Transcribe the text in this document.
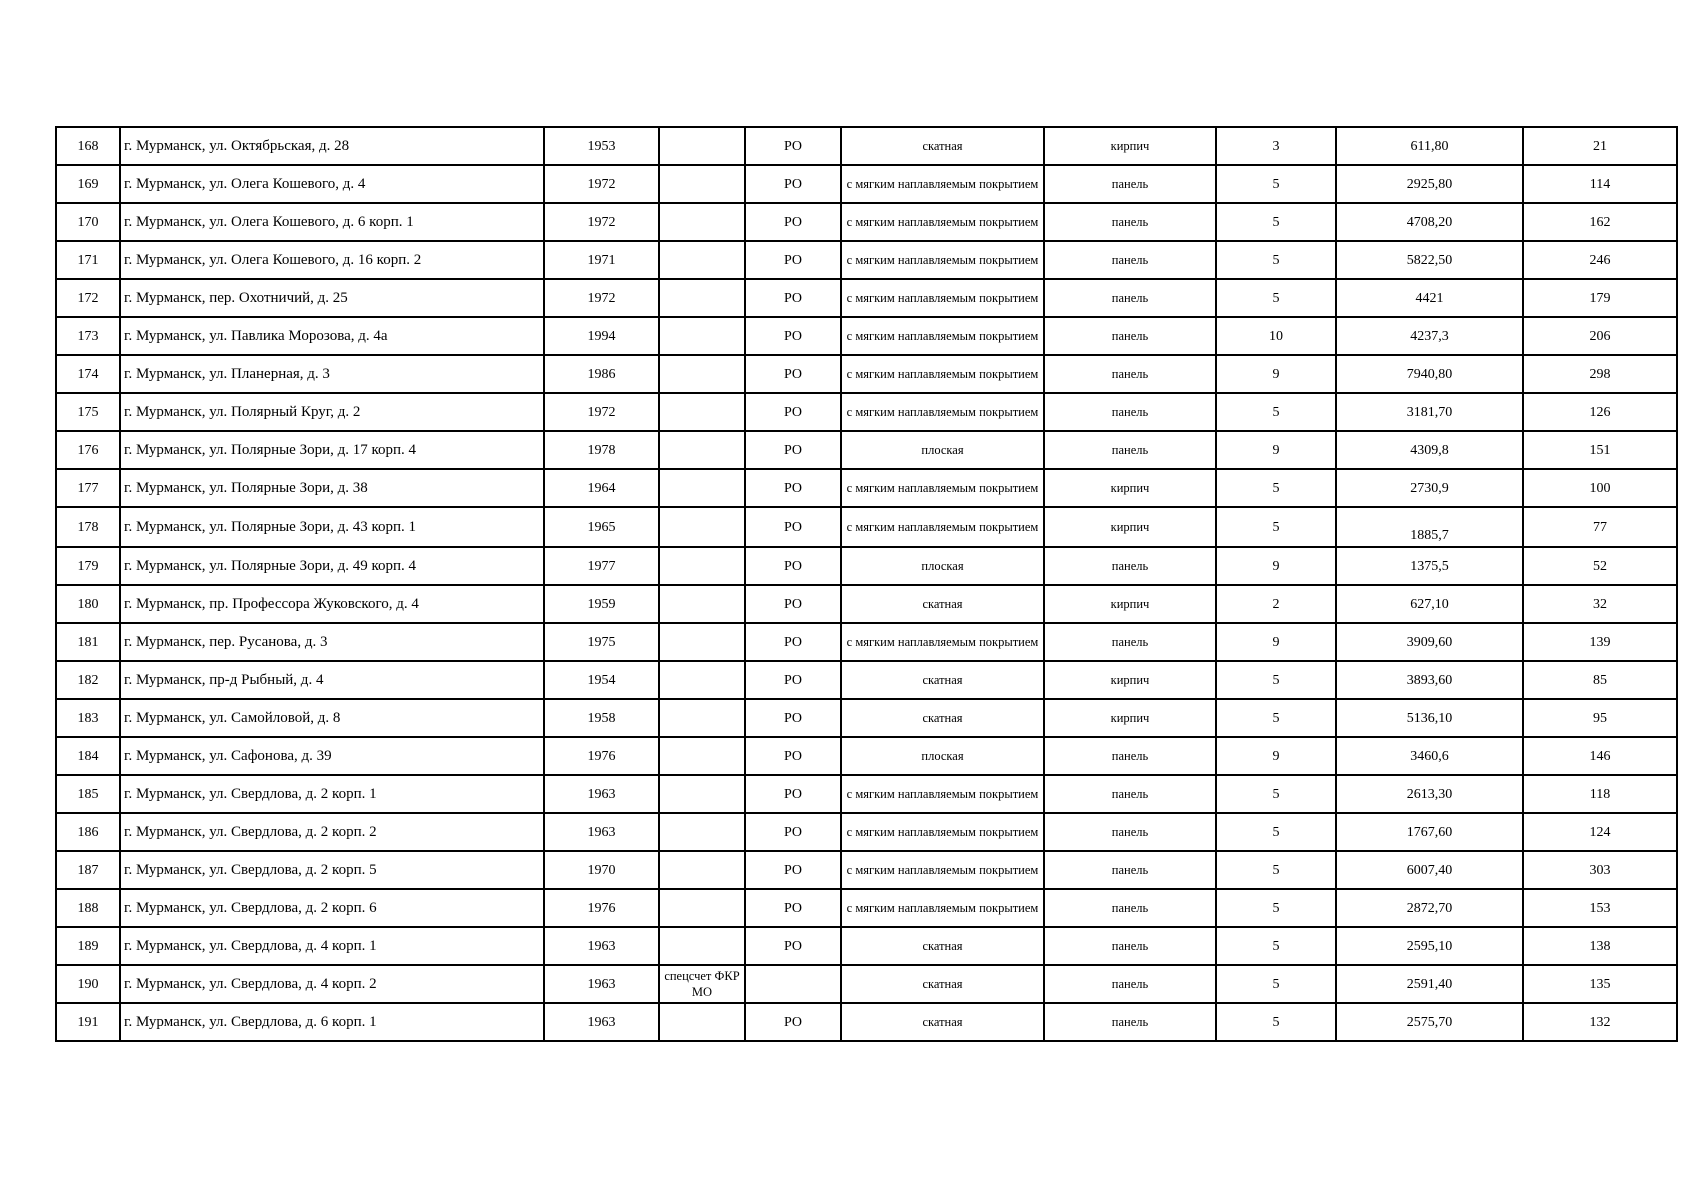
168	г. Мурманск, ул. Октябрьская, д. 28	1953		РО	скатная	кирпич	3	611,80	21
169	г. Мурманск, ул. Олега Кошевого, д. 4	1972		РО	с мягким наплавляемым покрытием	панель	5	2925,80	114
170	г. Мурманск, ул. Олега Кошевого, д. 6 корп. 1	1972		РО	с мягким наплавляемым покрытием	панель	5	4708,20	162
171	г. Мурманск, ул. Олега Кошевого, д. 16 корп. 2	1971		РО	с мягким наплавляемым покрытием	панель	5	5822,50	246
172	г. Мурманск, пер. Охотничий, д. 25	1972		РО	с мягким наплавляемым покрытием	панель	5	4421	179
173	г. Мурманск, ул. Павлика Морозова, д. 4а	1994		РО	с мягким наплавляемым покрытием	панель	10	4237,3	206
174	г. Мурманск, ул. Планерная, д. 3	1986		РО	с мягким наплавляемым покрытием	панель	9	7940,80	298
175	г. Мурманск, ул. Полярный Круг, д. 2	1972		РО	с мягким наплавляемым покрытием	панель	5	3181,70	126
176	г. Мурманск, ул. Полярные Зори, д. 17 корп. 4	1978		РО	плоская	панель	9	4309,8	151
177	г. Мурманск, ул. Полярные Зори, д. 38	1964		РО	с мягким наплавляемым покрытием	кирпич	5	2730,9	100
178	г. Мурманск, ул. Полярные Зори, д. 43 корп. 1	1965		РО	с мягким наплавляемым покрытием	кирпич	5	1885,7	77
179	г. Мурманск, ул. Полярные Зори, д. 49 корп. 4	1977		РО	плоская	панель	9	1375,5	52
180	г. Мурманск, пр. Профессора Жуковского, д. 4	1959		РО	скатная	кирпич	2	627,10	32
181	г. Мурманск, пер. Русанова, д. 3	1975		РО	с мягким наплавляемым покрытием	панель	9	3909,60	139
182	г. Мурманск, пр-д Рыбный, д. 4	1954		РО	скатная	кирпич	5	3893,60	85
183	г. Мурманск, ул. Самойловой, д. 8	1958		РО	скатная	кирпич	5	5136,10	95
184	г. Мурманск, ул. Сафонова, д. 39	1976		РО	плоская	панель	9	3460,6	146
185	г. Мурманск, ул. Свердлова, д. 2 корп. 1	1963		РО	с мягким наплавляемым покрытием	панель	5	2613,30	118
186	г. Мурманск, ул. Свердлова, д. 2 корп. 2	1963		РО	с мягким наплавляемым покрытием	панель	5	1767,60	124
187	г. Мурманск, ул. Свердлова, д. 2 корп. 5	1970		РО	с мягким наплавляемым покрытием	панель	5	6007,40	303
188	г. Мурманск, ул. Свердлова, д. 2 корп. 6	1976		РО	с мягким наплавляемым покрытием	панель	5	2872,70	153
189	г. Мурманск, ул. Свердлова, д. 4 корп. 1	1963		РО	скатная	панель	5	2595,10	138
190	г. Мурманск, ул. Свердлова, д. 4 корп. 2	1963	спецсчет ФКР МО		скатная	панель	5	2591,40	135
191	г. Мурманск, ул. Свердлова, д. 6 корп. 1	1963		РО	скатная	панель	5	2575,70	132
